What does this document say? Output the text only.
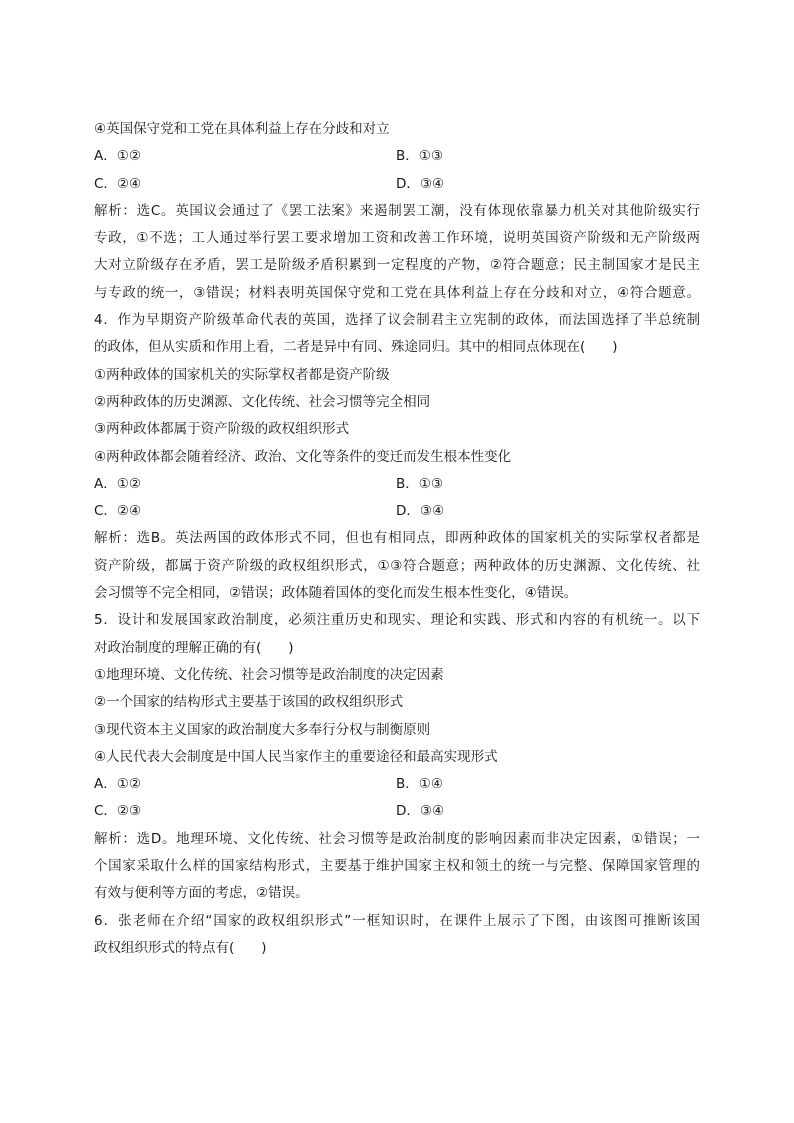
④英国保守党和工党在具体利益上存在分歧和对立
A．①②	B．①③
C．②④	D．③④
解析：选C。英国议会通过了《罢工法案》来遏制罢工潮，没有体现依靠暴力机关对其他阶级实行
专政，①不选；工人通过举行罢工要求增加工资和改善工作环境，说明英国资产阶级和无产阶级两
大对立阶级存在矛盾，罢工是阶级矛盾积累到一定程度的产物，②符合题意；民主制国家才是民主
与专政的统一，③错误；材料表明英国保守党和工党在具体利益上存在分歧和对立，④符合题意。
4．作为早期资产阶级革命代表的英国，选择了议会制君主立宪制的政体，而法国选择了半总统制
的政体，但从实质和作用上看，二者是异中有同、殊途同归。其中的相同点体现在(　　)
①两种政体的国家机关的实际掌权者都是资产阶级
②两种政体的历史渊源、文化传统、社会习惯等完全相同
③两种政体都属于资产阶级的政权组织形式
④两种政体都会随着经济、政治、文化等条件的变迁而发生根本性变化
A．①②	B．①③
C．②④	D．③④
解析：选B。英法两国的政体形式不同，但也有相同点，即两种政体的国家机关的实际掌权者都是
资产阶级，都属于资产阶级的政权组织形式，①③符合题意；两种政体的历史渊源、文化传统、社
会习惯等不完全相同，②错误；政体随着国体的变化而发生根本性变化，④错误。
5．设计和发展国家政治制度，必须注重历史和现实、理论和实践、形式和内容的有机统一。以下
对政治制度的理解正确的有(　　)
①地理环境、文化传统、社会习惯等是政治制度的决定因素
②一个国家的结构形式主要基于该国的政权组织形式
③现代资本主义国家的政治制度大多奉行分权与制衡原则
④人民代表大会制度是中国人民当家作主的重要途径和最高实现形式
A．①②	B．①④
C．②③	D．③④
解析：选D。地理环境、文化传统、社会习惯等是政治制度的影响因素而非决定因素，①错误；一
个国家采取什么样的国家结构形式，主要基于维护国家主权和领土的统一与完整、保障国家管理的
有效与便利等方面的考虑，②错误。
6．张老师在介绍“国家的政权组织形式”一框知识时，在课件上展示了下图，由该图可推断该国
政权组织形式的特点有(　　)
